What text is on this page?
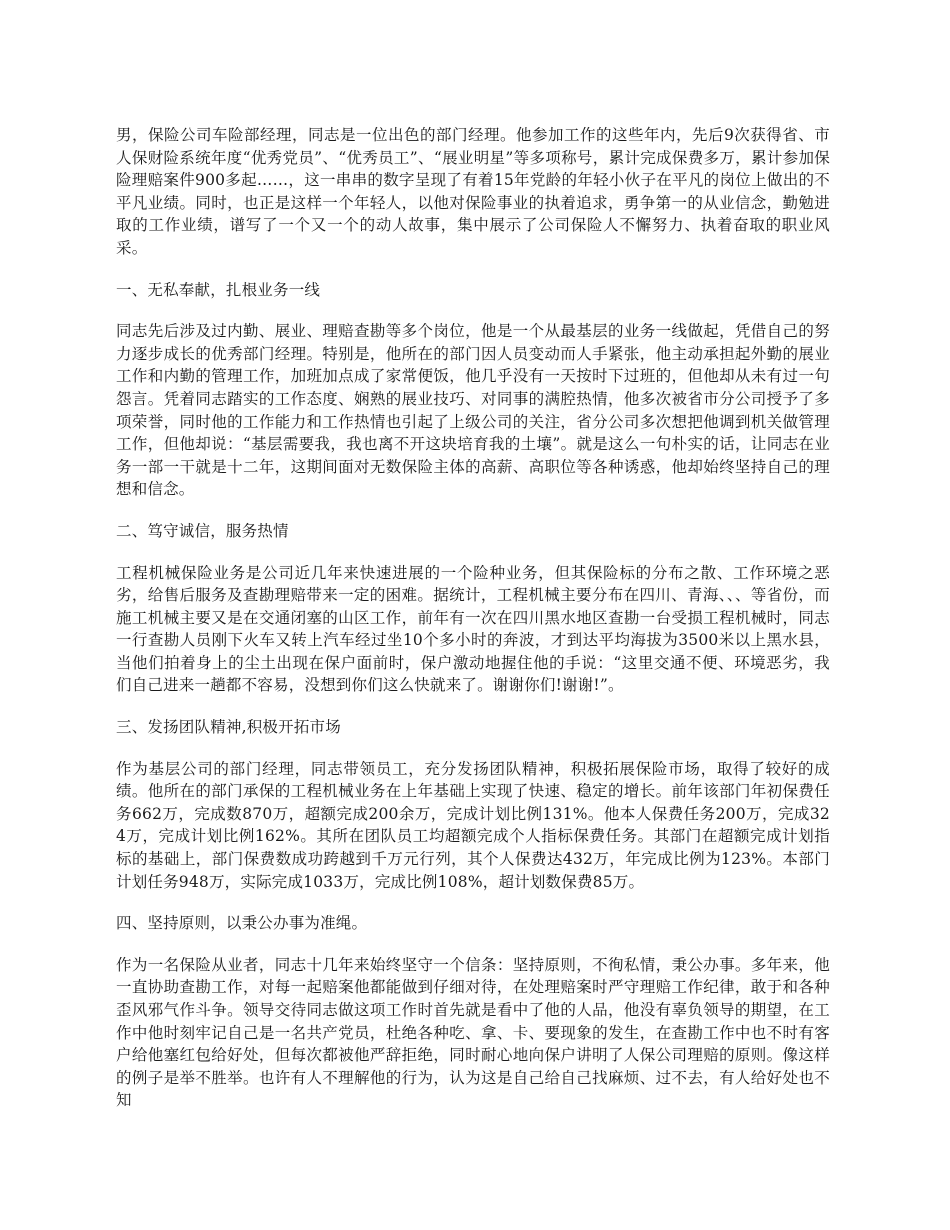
男，保险公司车险部经理，同志是一位出色的部门经理。他参加工作的这些年内，先后9次获得省、市人保财险系统年度“优秀党员”、“优秀员工”、“展业明星”等多项称号，累计完成保费多万，累计参加保险理赔案件900多起……，这一串串的数字呈现了有着15年党龄的年轻小伙子在平凡的岗位上做出的不平凡业绩。同时，也正是这样一个年轻人，以他对保险事业的执着追求，勇争第一的从业信念，勤勉进取的工作业绩，谱写了一个又一个的动人故事，集中展示了公司保险人不懈努力、执着奋取的职业风采。

一、无私奉献，扎根业务一线

同志先后涉及过内勤、展业、理赔查勘等多个岗位，他是一个从最基层的业务一线做起，凭借自己的努力逐步成长的优秀部门经理。特别是，他所在的部门因人员变动而人手紧张，他主动承担起外勤的展业工作和内勤的管理工作，加班加点成了家常便饭，他几乎没有一天按时下过班的，但他却从未有过一句怨言。凭着同志踏实的工作态度、娴熟的展业技巧、对同事的满腔热情，他多次被省市分公司授予了多项荣誉，同时他的工作能力和工作热情也引起了上级公司的关注，省分公司多次想把他调到机关做管理工作，但他却说：“基层需要我，我也离不开这块培育我的土壤”。就是这么一句朴实的话，让同志在业务一部一干就是十二年，这期间面对无数保险主体的高薪、高职位等各种诱惑，他却始终坚持自己的理想和信念。

二、笃守诚信，服务热情

工程机械保险业务是公司近几年来快速进展的一个险种业务，但其保险标的分布之散、工作环境之恶劣，给售后服务及查勘理赔带来一定的困难。据统计，工程机械主要分布在四川、青海、、、等省份，而施工机械主要又是在交通闭塞的山区工作，前年有一次在四川黑水地区查勘一台受损工程机械时，同志一行查勘人员刚下火车又转上汽车经过坐10个多小时的奔波，才到达平均海拔为3500米以上黑水县，当他们拍着身上的尘土出现在保户面前时，保户激动地握住他的手说：“这里交通不便、环境恶劣，我们自己进来一趟都不容易，没想到你们这么快就来了。谢谢你们!谢谢!”。

三、发扬团队精神,积极开拓市场

作为基层公司的部门经理，同志带领员工，充分发扬团队精神，积极拓展保险市场，取得了较好的成绩。他所在的部门承保的工程机械业务在上年基础上实现了快速、稳定的增长。前年该部门年初保费任务662万，完成数870万，超额完成200余万，完成计划比例131%。他本人保费任务200万，完成324万，完成计划比例162%。其所在团队员工均超额完成个人指标保费任务。其部门在超额完成计划指标的基础上，部门保费数成功跨越到千万元行列，其个人保费达432万，年完成比例为123%。本部门计划任务948万，实际完成1033万，完成比例108%，超计划数保费85万。

四、坚持原则，以秉公办事为准绳。

作为一名保险从业者，同志十几年来始终坚守一个信条：坚持原则，不徇私情，秉公办事。多年来，他一直协助查勘工作，对每一起赔案他都能做到仔细对待，在处理赔案时严守理赔工作纪律，敢于和各种歪风邪气作斗争。领导交待同志做这项工作时首先就是看中了他的人品，他没有辜负领导的期望，在工作中他时刻牢记自己是一名共产党员，杜绝各种吃、拿、卡、要现象的发生，在查勘工作中也不时有客户给他塞红包给好处，但每次都被他严辞拒绝，同时耐心地向保户讲明了人保公司理赔的原则。像这样的例子是举不胜举。也许有人不理解他的行为，认为这是自己给自己找麻烦、过不去，有人给好处也不知
